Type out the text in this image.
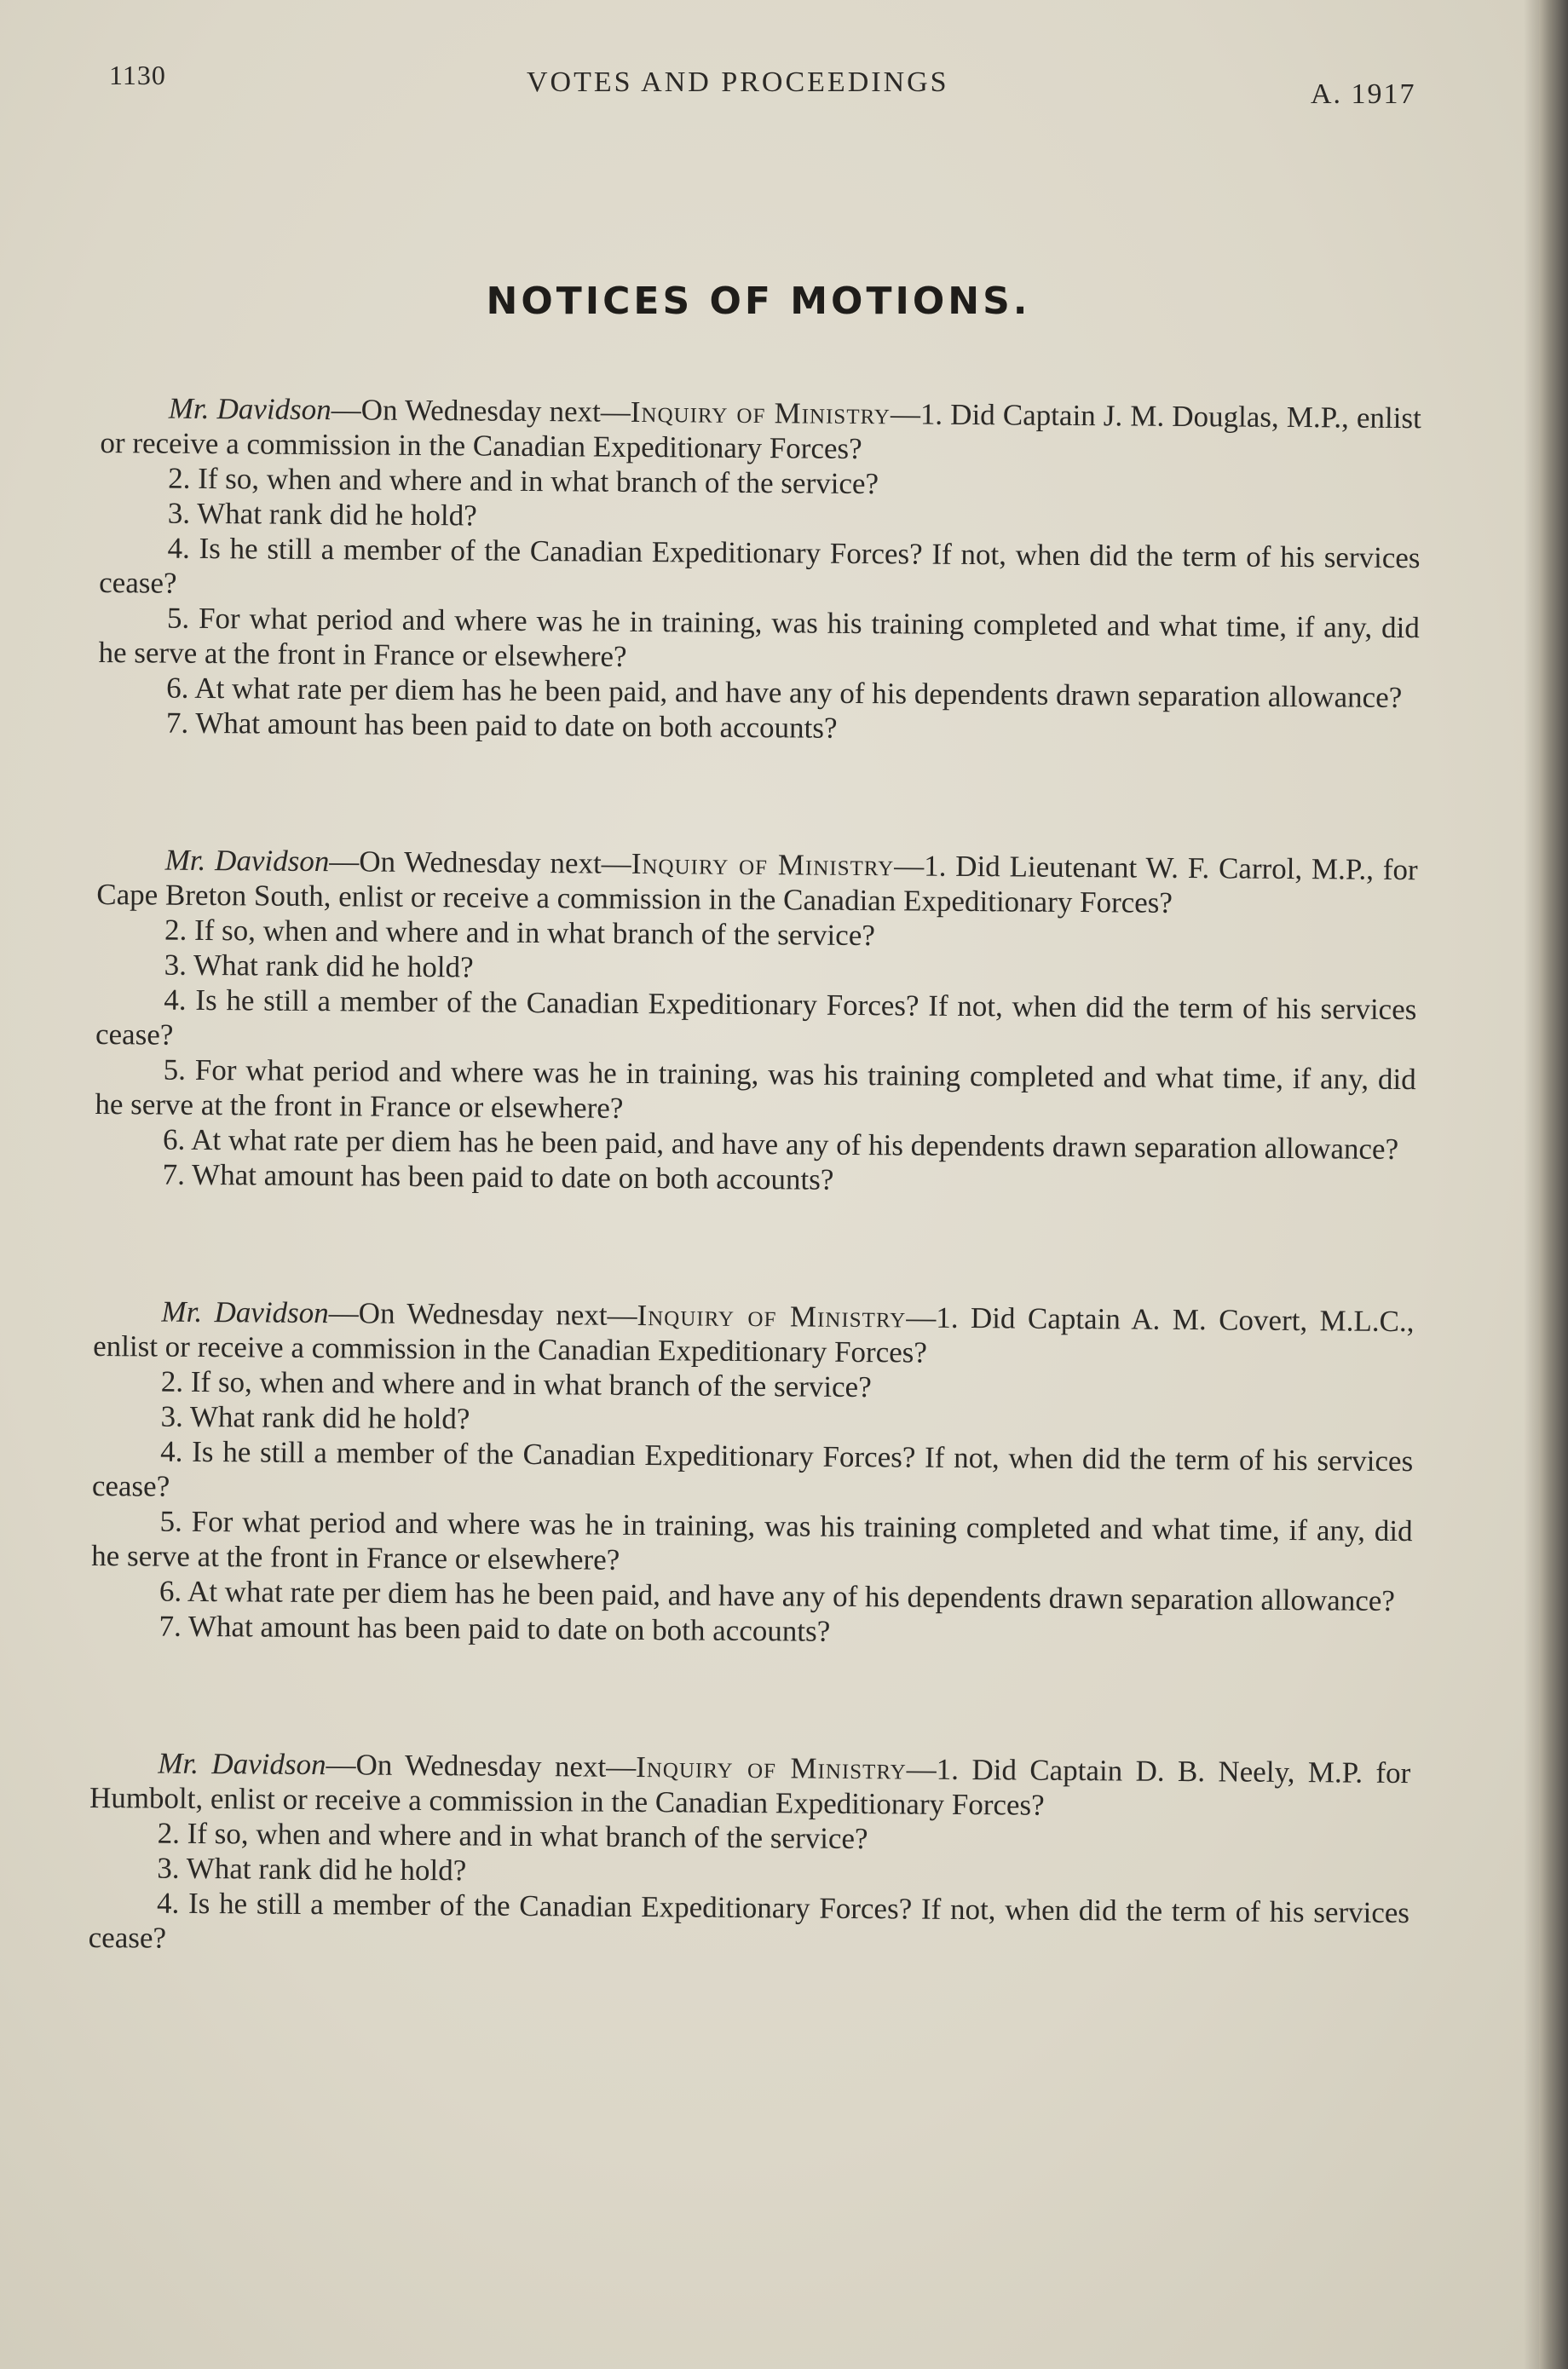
1130	VOTES AND PROCEEDINGS	A. 1917
NOTICES OF MOTIONS.

Mr. Davidson—On Wednesday next—Inquiry of Ministry—1. Did Captain J. M. Douglas, M.P., enlist or receive a commission in the Canadian Expeditionary Forces?

2. If so, when and where and in what branch of the service?

3. What rank did he hold?

4. Is he still a member of the Canadian Expeditionary Forces? If not, when did the term of his services cease?

5. For what period and where was he in training, was his training completed and what time, if any, did he serve at the front in France or elsewhere?

6. At what rate per diem has he been paid, and have any of his dependents drawn separation allowance?

7. What amount has been paid to date on both accounts?

Mr. Davidson—On Wednesday next—Inquiry of Ministry—1. Did Lieutenant W. F. Carrol, M.P., for Cape Breton South, enlist or receive a commission in the Canadian Expeditionary Forces?

2. If so, when and where and in what branch of the service?

3. What rank did he hold?

4. Is he still a member of the Canadian Expeditionary Forces? If not, when did the term of his services cease?

5. For what period and where was he in training, was his training completed and what time, if any, did he serve at the front in France or elsewhere?

6. At what rate per diem has he been paid, and have any of his dependents drawn separation allowance?

7. What amount has been paid to date on both accounts?

Mr. Davidson—On Wednesday next—Inquiry of Ministry—1. Did Captain A. M. Covert, M.L.C., enlist or receive a commission in the Canadian Expeditionary Forces?

2. If so, when and where and in what branch of the service?

3. What rank did he hold?

4. Is he still a member of the Canadian Expeditionary Forces? If not, when did the term of his services cease?

5. For what period and where was he in training, was his training completed and what time, if any, did he serve at the front in France or elsewhere?

6. At what rate per diem has he been paid, and have any of his dependents drawn separation allowance?

7. What amount has been paid to date on both accounts?

Mr. Davidson—On Wednesday next—Inquiry of Ministry—1. Did Captain D. B. Neely, M.P. for Humbolt, enlist or receive a commission in the Canadian Expeditionary Forces?

2. If so, when and where and in what branch of the service?

3. What rank did he hold?

4. Is he still a member of the Canadian Expeditionary Forces? If not, when did the term of his services cease?
